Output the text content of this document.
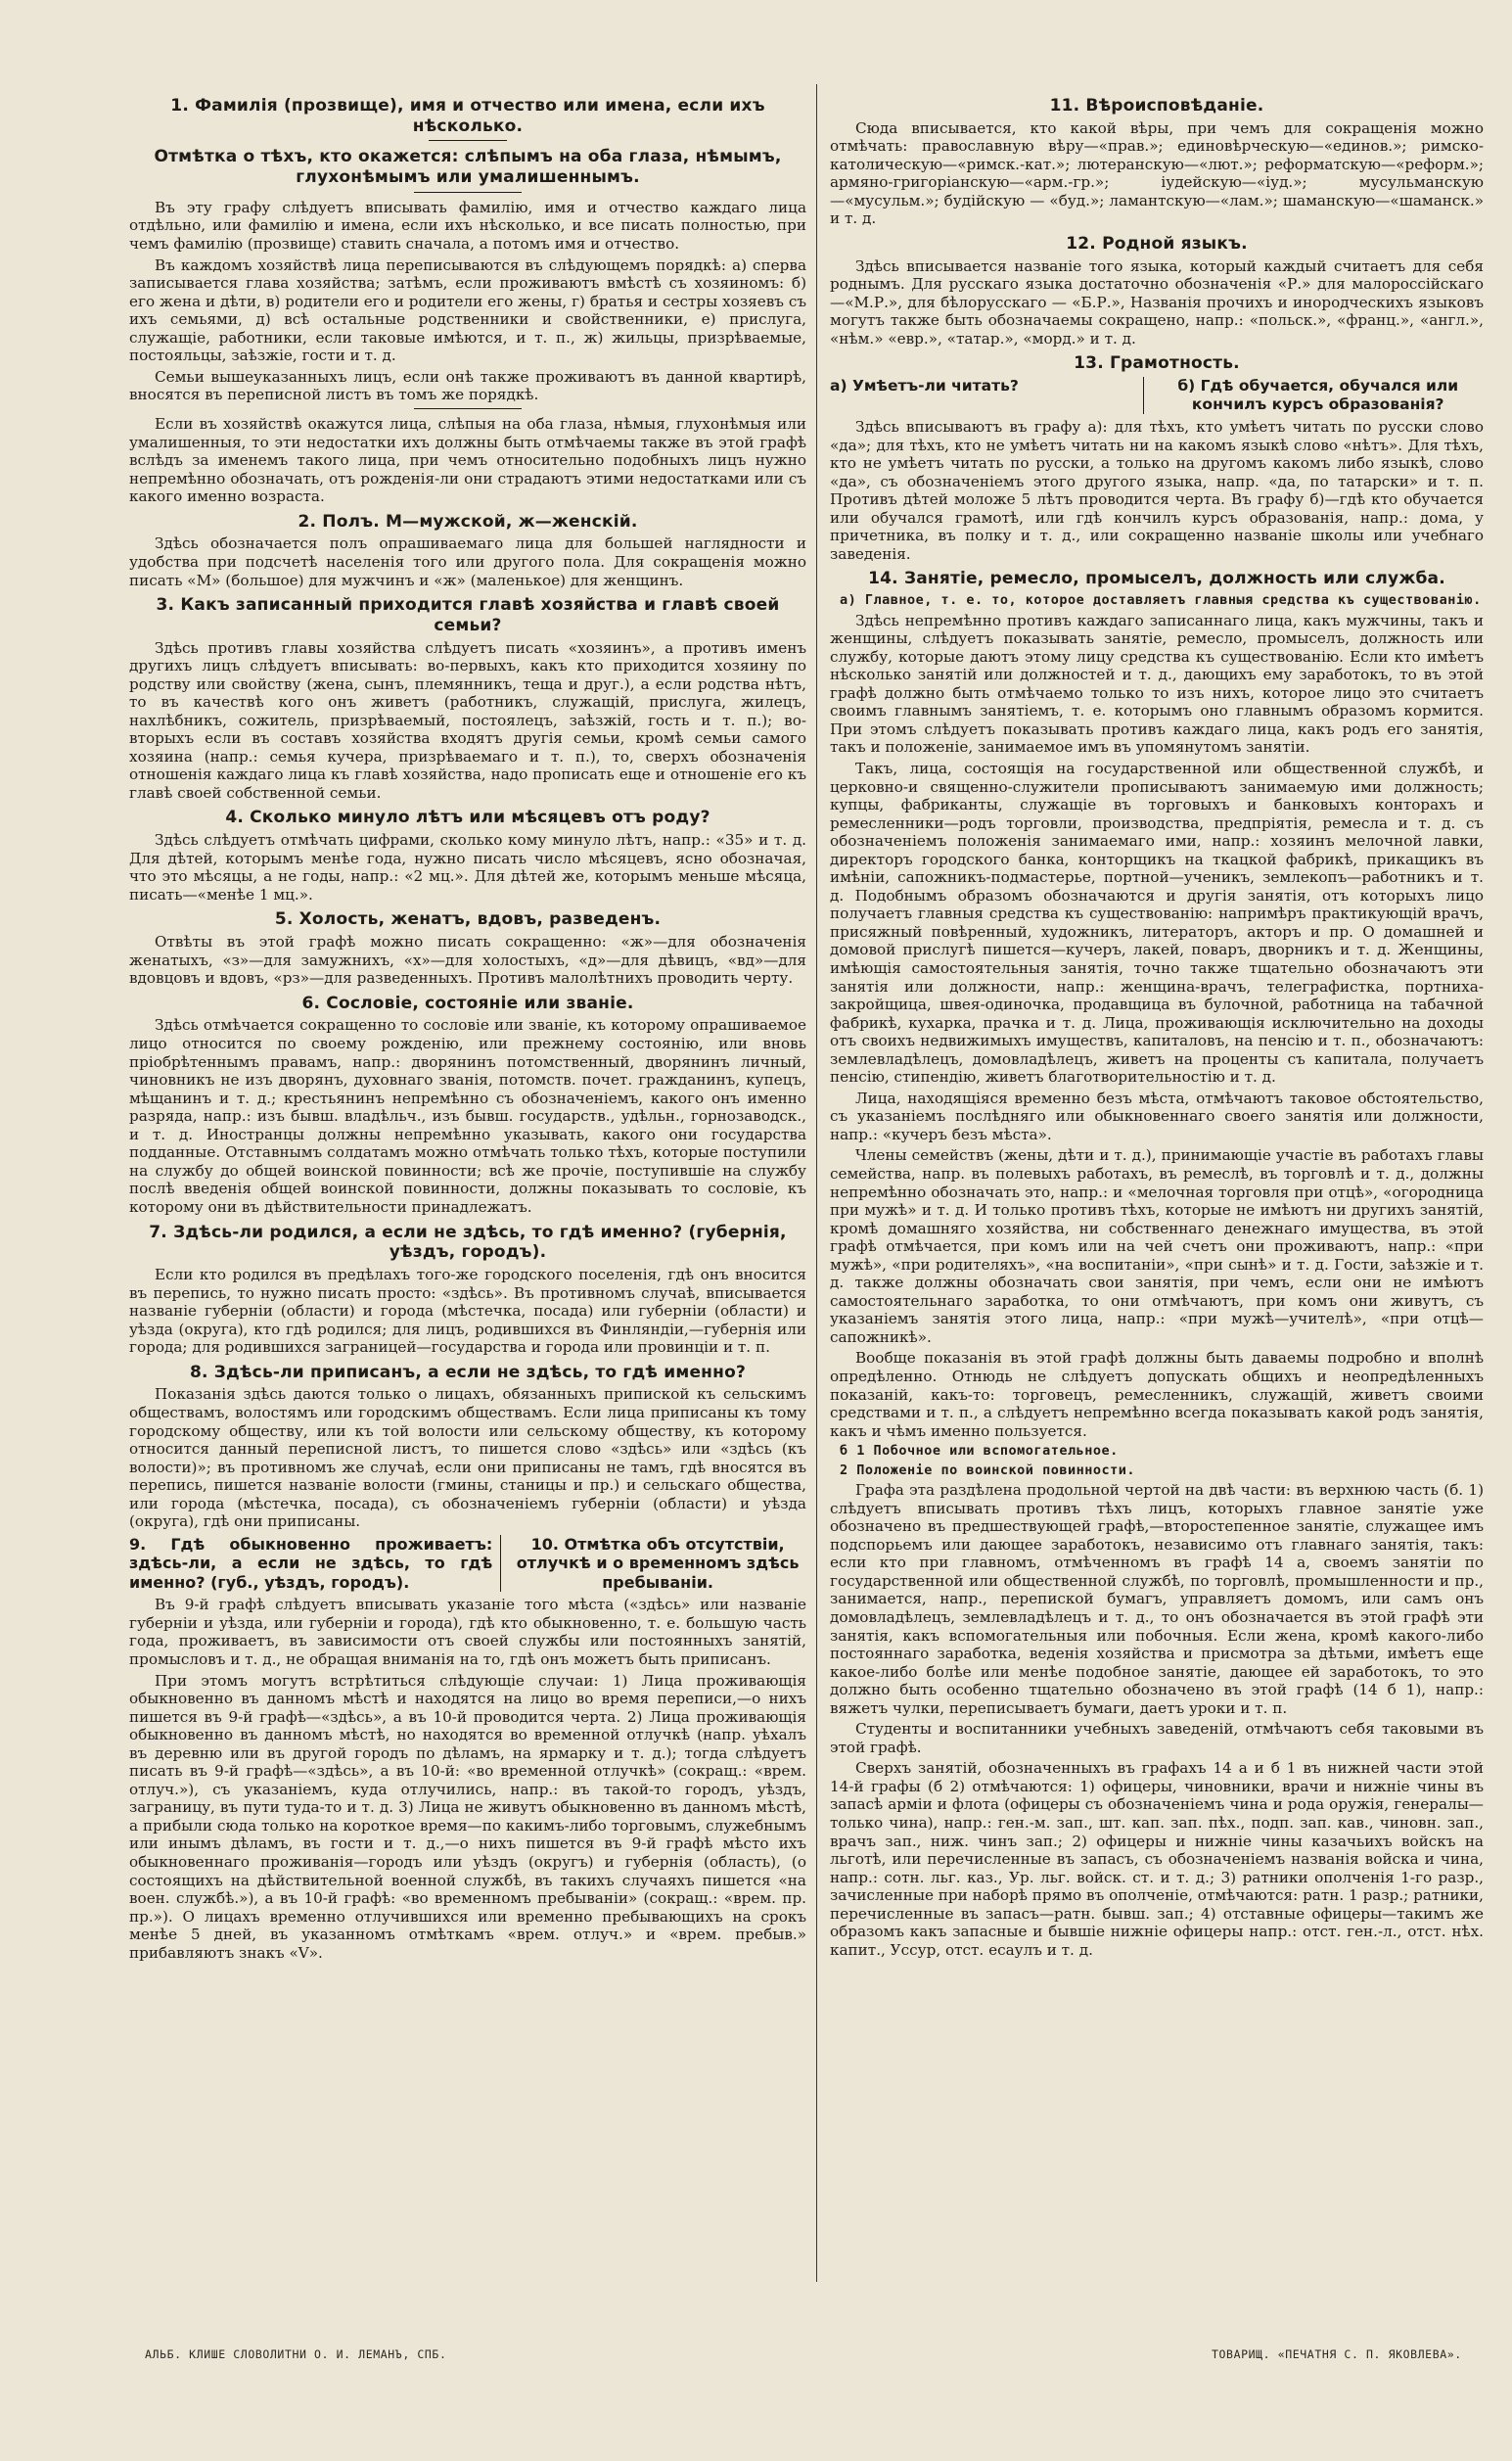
1. Фамилія (прозвище), имя и отчество или имена, если ихъ нѣсколько.
Отмѣтка о тѣхъ, кто окажется: слѣпымъ на оба глаза, нѣмымъ, глухонѣмымъ или умалишеннымъ.

Въ эту графу слѣдуетъ вписывать фамилію, имя и отчество каждаго лица отдѣльно, или фамилію и имена, если ихъ нѣсколько, и все писать полностью, при чемъ фамилію (прозвище) ставить сначала, а потомъ имя и отчество.

Въ каждомъ хозяйствѣ лица переписываются въ слѣдующемъ порядкѣ: а) сперва записывается глава хозяйства; затѣмъ, если проживаютъ вмѣстѣ съ хозяиномъ: б) его жена и дѣти, в) родители его и родители его жены, г) братья и сестры хозяевъ съ ихъ семьями, д) всѣ остальные родственники и свойственники, е) прислуга, служащіе, работники, если таковые имѣются, и т. п., ж) жильцы, призрѣваемые, постояльцы, заѣзжіе, гости и т. д.

Семьи вышеуказанныхъ лицъ, если онѣ также проживаютъ въ данной квартирѣ, вносятся въ переписной листъ въ томъ же порядкѣ.

Если въ хозяйствѣ окажутся лица, слѣпыя на оба глаза, нѣмыя, глухонѣмыя или умалишенныя, то эти недостатки ихъ должны быть отмѣчаемы также въ этой графѣ вслѣдъ за именемъ такого лица, при чемъ относительно подобныхъ лицъ нужно непремѣнно обозначать, отъ рожденія-ли они страдаютъ этими недостатками или съ какого именно возраста.

2. Полъ. М—мужской, ж—женскій.

Здѣсь обозначается полъ опрашиваемаго лица для большей наглядности и удобства при подсчетѣ населенія того или другого пола. Для сокращенія можно писать «М» (большое) для мужчинъ и «ж» (маленькое) для женщинъ.

3. Какъ записанный приходится главѣ хозяйства и главѣ своей семьи?

Здѣсь противъ главы хозяйства слѣдуетъ писать «хозяинъ», а противъ именъ другихъ лицъ слѣдуетъ вписывать: во-первыхъ, какъ кто приходится хозяину по родству или свойству (жена, сынъ, племянникъ, теща и друг.), а если родства нѣтъ, то въ качествѣ кого онъ живетъ (работникъ, служащій, прислуга, жилецъ, нахлѣбникъ, сожитель, призрѣваемый, постоялецъ, заѣзжій, гость и т. п.); во-вторыхъ если въ составъ хозяйства входятъ другія семьи, кромѣ семьи самого хозяина (напр.: семья кучера, призрѣваемаго и т. п.), то, сверхъ обозначенія отношенія каждаго лица къ главѣ хозяйства, надо прописать еще и отношеніе его къ главѣ своей собственной семьи.

4. Сколько минуло лѣтъ или мѣсяцевъ отъ роду?

Здѣсь слѣдуетъ отмѣчать цифрами, сколько кому минуло лѣтъ, напр.: «35» и т. д. Для дѣтей, которымъ менѣе года, нужно писать число мѣсяцевъ, ясно обозначая, что это мѣсяцы, а не годы, напр.: «2 мц.». Для дѣтей же, которымъ меньше мѣсяца, писать—«менѣе 1 мц.».

5. Холость, женатъ, вдовъ, разведенъ.

Отвѣты въ этой графѣ можно писать сокращенно: «ж»—для обозначенія женатыхъ, «з»—для замужнихъ, «х»—для холостыхъ, «д»—для дѣвицъ, «вд»—для вдовцовъ и вдовъ, «рз»—для разведенныхъ. Противъ малолѣтнихъ проводить черту.

6. Сословіе, состояніе или званіе.

Здѣсь отмѣчается сокращенно то сословіе или званіе, къ которому опрашиваемое лицо относится по своему рожденію, или прежнему состоянію, или вновь пріобрѣтеннымъ правамъ, напр.: дворянинъ потомственный, дворянинъ личный, чиновникъ не изъ дворянъ, духовнаго званія, потомств. почет. гражданинъ, купецъ, мѣщанинъ и т. д.; крестьянинъ непремѣнно съ обозначеніемъ, какого онъ именно разряда, напр.: изъ бывш. владѣльч., изъ бывш. государств., удѣльн., горнозаводск., и т. д. Иностранцы должны непремѣнно указывать, какого они государства подданные. Отставнымъ солдатамъ можно отмѣчать только тѣхъ, которые поступили на службу до общей воинской повинности; всѣ же прочіе, поступившіе на службу послѣ введенія общей воинской повинности, должны показывать то сословіе, къ которому они въ дѣйствительности принадлежатъ.

7. Здѣсь-ли родился, а если не здѣсь, то гдѣ именно? (губернія, уѣздъ, городъ).

Если кто родился въ предѣлахъ того-же городского поселенія, гдѣ онъ вносится въ перепись, то нужно писать просто: «здѣсь». Въ противномъ случаѣ, вписывается названіе губерніи (области) и города (мѣстечка, посада) или губерніи (области) и уѣзда (округа), кто гдѣ родился; для лицъ, родившихся въ Финляндіи,—губернія или города; для родившихся заграницей—государства и города или провинціи и т. п.

8. Здѣсь-ли приписанъ, а если не здѣсь, то гдѣ именно?

Показанія здѣсь даются только о лицахъ, обязанныхъ припиской къ сельскимъ обществамъ, волостямъ или городскимъ обществамъ. Если лица приписаны къ тому городскому обществу, или къ той волости или сельскому обществу, къ которому относится данный переписной листъ, то пишется слово «здѣсь» или «здѣсь (къ волости)»; въ противномъ же случаѣ, если они приписаны не тамъ, гдѣ вносятся въ перепись, пишется названіе волости (гмины, станицы и пр.) и сельскаго общества, или города (мѣстечка, посада), съ обозначеніемъ губерніи (области) и уѣзда (округа), гдѣ они приписаны.

9. Гдѣ обыкновенно проживаетъ: здѣсь-ли, а если не здѣсь, то гдѣ именно? (губ., уѣздъ, городъ).
10. Отмѣтка объ отсутствіи, отлучкѣ и о временномъ здѣсь пребываніи.

Въ 9-й графѣ слѣдуетъ вписывать указаніе того мѣста («здѣсь» или названіе губерніи и уѣзда, или губерніи и города), гдѣ кто обыкновенно, т. е. большую часть года, проживаетъ, въ зависимости отъ своей службы или постоянныхъ занятій, промысловъ и т. д., не обращая вниманія на то, гдѣ онъ можетъ быть приписанъ.

При этомъ могутъ встрѣтиться слѣдующіе случаи: 1) Лица проживающія обыкновенно въ данномъ мѣстѣ и находятся на лицо во время переписи,—о нихъ пишется въ 9-й графѣ—«здѣсь», а въ 10-й проводится черта. 2) Лица проживающія обыкновенно въ данномъ мѣстѣ, но находятся во временной отлучкѣ (напр. уѣхалъ въ деревню или въ другой городъ по дѣламъ, на ярмарку и т. д.); тогда слѣдуетъ писать въ 9-й графѣ—«здѣсь», а въ 10-й: «во временной отлучкѣ» (сокращ.: «врем. отлуч.»), съ указаніемъ, куда отлучились, напр.: въ такой-то городъ, уѣздъ, заграницу, въ пути туда-то и т. д. 3) Лица не живутъ обыкновенно въ данномъ мѣстѣ, а прибыли сюда только на короткое время—по какимъ-либо торговымъ, служебнымъ или инымъ дѣламъ, въ гости и т. д.,—о нихъ пишется въ 9-й графѣ мѣсто ихъ обыкновеннаго проживанія—городъ или уѣздъ (округъ) и губернія (область), (о состоящихъ на дѣйствительной военной службѣ, въ такихъ случаяхъ пишется «на воен. службѣ.»), а въ 10-й графѣ: «во временномъ пребываніи» (сокращ.: «врем. пр. пр.»). О лицахъ временно отлучившихся или временно пребывающихъ на срокъ менѣе 5 дней, въ указанномъ отмѣткамъ «врем. отлуч.» и «врем. пребыв.» прибавляютъ знакъ «V».

11. Вѣроисповѣданіе.

Сюда вписывается, кто какой вѣры, при чемъ для сокращенія можно отмѣчать: православную вѣру—«прав.»; единовѣрческую—«единов.»; римско-католическую—«римск.-кат.»; лютеранскую—«лют.»; реформатскую—«реформ.»; армяно-григоріанскую—«арм.-гр.»; іудейскую—«іуд.»; мусульманскую—«мусульм.»; будійскую — «буд.»; ламантскую—«лам.»; шаманскую—«шаманск.» и т. д.

12. Родной языкъ.

Здѣсь вписывается названіе того языка, который каждый считаетъ для себя роднымъ. Для русскаго языка достаточно обозначенія «Р.» для малороссійскаго—«М.Р.», для бѣлорусскаго — «Б.Р.», Названія прочихъ и инородческихъ языковъ могутъ также быть обозначаемы сокращено, напр.: «польск.», «франц.», «англ.», «нѣм.» «евр.», «татар.», «морд.» и т. д.

13. Грамотность.
а) Умѣетъ-ли читать?	б) Гдѣ обучается, обучался или кончилъ курсъ образованія?

Здѣсь вписываютъ въ графу а): для тѣхъ, кто умѣетъ читать по русски слово «да»; для тѣхъ, кто не умѣетъ читать ни на какомъ языкѣ слово «нѣтъ». Для тѣхъ, кто не умѣетъ читать по русски, а только на другомъ какомъ либо языкѣ, слово «да», съ обозначеніемъ этого другого языка, напр. «да, по татарски» и т. п. Противъ дѣтей моложе 5 лѣтъ проводится черта. Въ графу б)—гдѣ кто обучается или обучался грамотѣ, или гдѣ кончилъ курсъ образованія, напр.: дома, у причетника, въ полку и т. д., или сокращенно названіе школы или учебнаго заведенія.

14. Занятіе, ремесло, промыселъ, должность или служба.
а) Главное, т. е. то, которое доставляетъ главныя средства къ существованію.

Здѣсь непремѣнно противъ каждаго записаннаго лица, какъ мужчины, такъ и женщины, слѣдуетъ показывать занятіе, ремесло, промыселъ, должность или службу, которые даютъ этому лицу средства къ существованію. Если кто имѣетъ нѣсколько занятій или должностей и т. д., дающихъ ему заработокъ, то въ этой графѣ должно быть отмѣчаемо только то изъ нихъ, которое лицо это считаетъ своимъ главнымъ занятіемъ, т. е. которымъ оно главнымъ образомъ кормится. При этомъ слѣдуетъ показывать противъ каждаго лица, какъ родъ его занятія, такъ и положеніе, занимаемое имъ въ упомянутомъ занятіи.

Такъ, лица, состоящія на государственной или общественной службѣ, и церковно-и священно-служители прописываютъ занимаемую ими должность; купцы, фабриканты, служащіе въ торговыхъ и банковыхъ конторахъ и ремесленники—родъ торговли, производства, предпріятія, ремесла и т. д. съ обозначеніемъ положенія занимаемаго ими, напр.: хозяинъ мелочной лавки, директоръ городского банка, конторщикъ на ткацкой фабрикѣ, прикащикъ въ имѣніи, сапожникъ-подмастерье, портной—ученикъ, землекопъ—работникъ и т. д. Подобнымъ образомъ обозначаются и другія занятія, отъ которыхъ лицо получаетъ главныя средства къ существованію: напримѣръ практикующій врачъ, присяжный повѣренный, художникъ, литераторъ, акторъ и пр. О домашней и домовой прислугѣ пишется—кучеръ, лакей, поваръ, дворникъ и т. д. Женщины, имѣющія самостоятельныя занятія, точно также тщательно обозначаютъ эти занятія или должности, напр.: женщина-врачъ, телеграфистка, портниха-закройщица, швея-одиночка, продавщица въ булочной, работница на табачной фабрикѣ, кухарка, прачка и т. д. Лица, проживающія исключительно на доходы отъ своихъ недвижимыхъ имуществъ, капиталовъ, на пенсію и т. п., обозначаютъ: землевладѣлецъ, домовладѣлецъ, живетъ на проценты съ капитала, получаетъ пенсію, стипендію, живетъ благотворительностію и т. д.

Лица, находящіяся временно безъ мѣста, отмѣчаютъ таковое обстоятельство, съ указаніемъ послѣдняго или обыкновеннаго своего занятія или должности, напр.: «кучеръ безъ мѣста».

Члены семействъ (жены, дѣти и т. д.), принимающіе участіе въ работахъ главы семейства, напр. въ полевыхъ работахъ, въ ремеслѣ, въ торговлѣ и т. д., должны непремѣнно обозначать это, напр.: и «мелочная торговля при отцѣ», «огородница при мужѣ» и т. д. И только противъ тѣхъ, которые не имѣютъ ни другихъ занятій, кромѣ домашняго хозяйства, ни собственнаго денежнаго имущества, въ этой графѣ отмѣчается, при комъ или на чей счетъ они проживаютъ, напр.: «при мужѣ», «при родителяхъ», «на воспитаніи», «при сынѣ» и т. д. Гости, заѣзжіе и т. д. также должны обозначать свои занятія, при чемъ, если они не имѣютъ самостоятельнаго заработка, то они отмѣчаютъ, при комъ они живутъ, съ указаніемъ занятія этого лица, напр.: «при мужѣ—учителѣ», «при отцѣ—сапожникѣ».

Вообще показанія въ этой графѣ должны быть даваемы подробно и вполнѣ опредѣленно. Отнюдь не слѣдуетъ допускать общихъ и неопредѣленныхъ показаній, какъ-то: торговецъ, ремесленникъ, служащій, живетъ своими средствами и т. п., а слѣдуетъ непремѣнно всегда показывать какой родъ занятія, какъ и чѣмъ именно пользуется.

б 1 Побочное или вспомогательное.
2 Положеніе по воинской повинности.

Графа эта раздѣлена продольной чертой на двѣ части: въ верхнюю часть (б. 1) слѣдуетъ вписывать противъ тѣхъ лицъ, которыхъ главное занятіе уже обозначено въ предшествующей графѣ,—второстепенное занятіе, служащее имъ подспорьемъ или дающее заработокъ, независимо отъ главнаго занятія, такъ: если кто при главномъ, отмѣченномъ въ графѣ 14 а, своемъ занятіи по государственной или общественной службѣ, по торговлѣ, промышленности и пр., занимается, напр., перепиской бумагъ, управляетъ домомъ, или самъ онъ домовладѣлецъ, землевладѣлецъ и т. д., то онъ обозначается въ этой графѣ эти занятія, какъ вспомогательныя или побочныя. Если жена, кромѣ какого-либо постояннаго заработка, веденія хозяйства и присмотра за дѣтьми, имѣетъ еще какое-либо болѣе или менѣе подобное занятіе, дающее ей заработокъ, то это должно быть особенно тщательно обозначено въ этой графѣ (14 б 1), напр.: вяжетъ чулки, переписываетъ бумаги, даетъ уроки и т. п.

Студенты и воспитанники учебныхъ заведеній, отмѣчаютъ себя таковыми въ этой графѣ.

Сверхъ занятій, обозначенныхъ въ графахъ 14 а и б 1 въ нижней части этой 14-й графы (б 2) отмѣчаются: 1) офицеры, чиновники, врачи и нижніе чины въ запасѣ арміи и флота (офицеры съ обозначеніемъ чина и рода оружія, генералы—только чина), напр.: ген.-м. зап., шт. кап. зап. пѣх., подп. зап. кав., чиновн. зап., врачъ зап., ниж. чинъ зап.; 2) офицеры и нижніе чины казачьихъ войскъ на льготѣ, или перечисленные въ запасъ, съ обозначеніемъ названія войска и чина, напр.: сотн. льг. каз., Ур. льг. войск. ст. и т. д.; 3) ратники ополченія 1-го разр., зачисленные при наборѣ прямо въ ополченіе, отмѣчаются: ратн. 1 разр.; ратники, перечисленные въ запасъ—ратн. бывш. зап.; 4) отставные офицеры—такимъ же образомъ какъ запасные и бывшіе нижніе офицеры напр.: отст. ген.-л., отст. нѣх. капит., Уссур, отст. есаулъ и т. д.

АЛЬБ. КЛИШЕ СЛОВОЛИТНИ О. И. ЛЕМАНЪ, СПБ.	ТОВАРИЩ. «ПЕЧАТНЯ С. П. ЯКОВЛЕВА».
